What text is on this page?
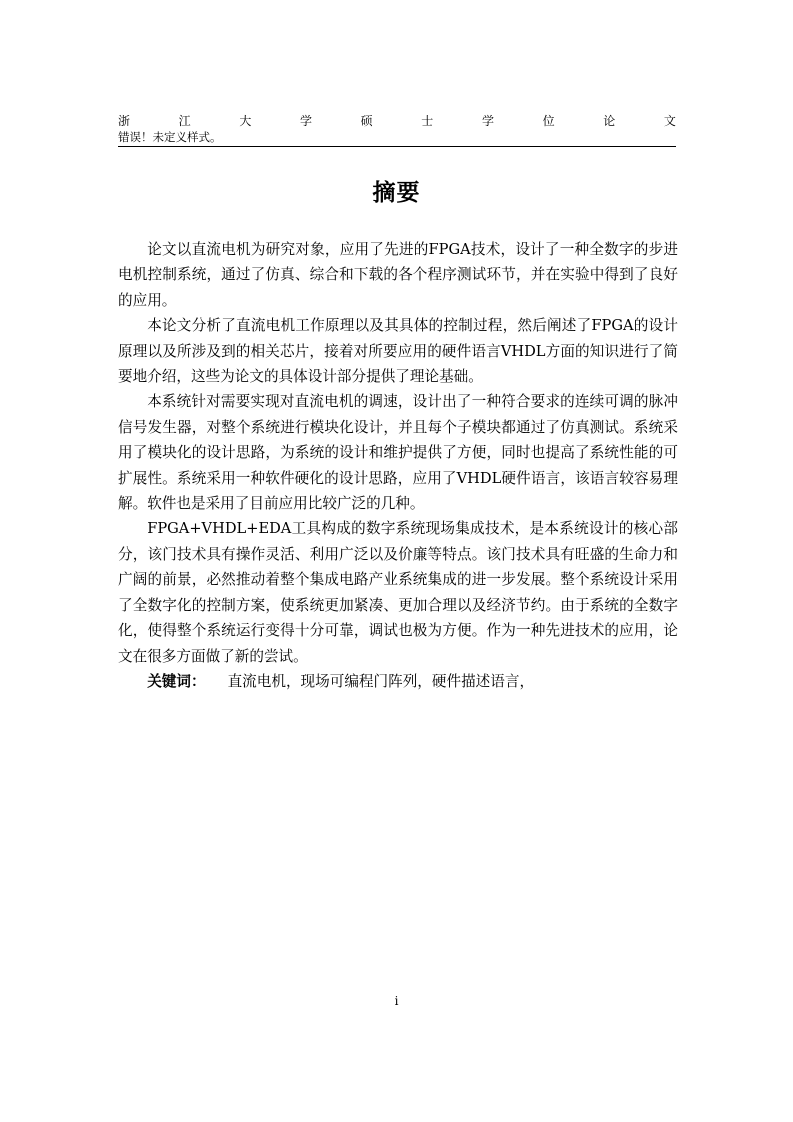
浙	江	大	学	硕	士	学	位	论	文
错误！未定义样式。
摘要

论文以直流电机为研究对象，应用了先进的FPGA技术，设计了一种全数字的步进电机控制系统，通过了仿真、综合和下载的各个程序测试环节，并在实验中得到了良好的应用。

本论文分析了直流电机工作原理以及其具体的控制过程，然后阐述了FPGA的设计原理以及所涉及到的相关芯片，接着对所要应用的硬件语言VHDL方面的知识进行了简要地介绍，这些为论文的具体设计部分提供了理论基础。

本系统针对需要实现对直流电机的调速，设计出了一种符合要求的连续可调的脉冲信号发生器，对整个系统进行模块化设计，并且每个子模块都通过了仿真测试。系统采用了模块化的设计思路，为系统的设计和维护提供了方便，同时也提高了系统性能的可扩展性。系统采用一种软件硬化的设计思路，应用了VHDL硬件语言，该语言较容易理解。软件也是采用了目前应用比较广泛的几种。

FPGA+VHDL+EDA工具构成的数字系统现场集成技术，是本系统设计的核心部分，该门技术具有操作灵活、利用广泛以及价廉等特点。该门技术具有旺盛的生命力和广阔的前景，必然推动着整个集成电路产业系统集成的进一步发展。整个系统设计采用了全数字化的控制方案，使系统更加紧凑、更加合理以及经济节约。由于系统的全数字化，使得整个系统运行变得十分可靠，调试也极为方便。作为一种先进技术的应用，论文在很多方面做了新的尝试。

关键词： 直流电机，现场可编程门阵列，硬件描述语言，

i
